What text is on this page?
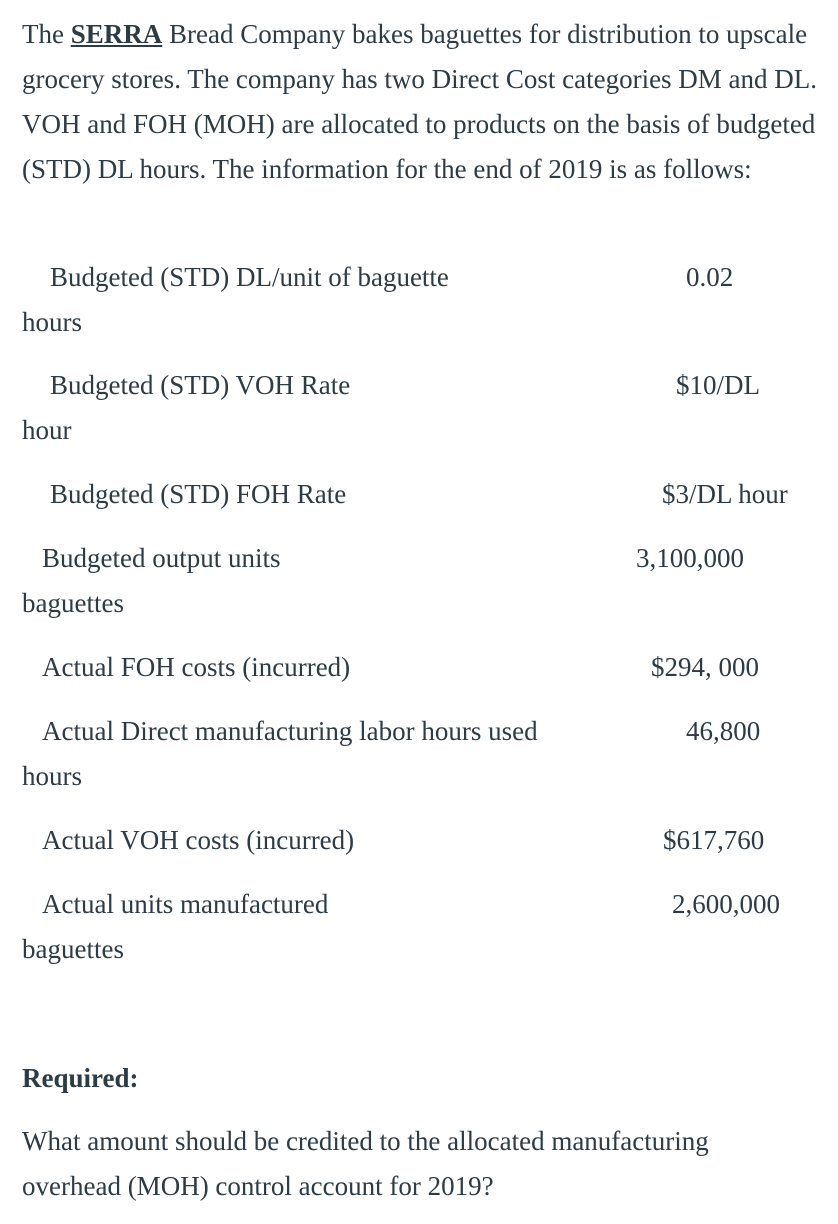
The SERRA Bread Company bakes baguettes for distribution to upscale grocery stores. The company has two Direct Cost categories DM and DL. VOH and FOH (MOH) are allocated to products on the basis of budgeted (STD) DL hours. The information for the end of 2019 is as follows:

Budgeted (STD) DL/unit of baguette	0.02
hours
Budgeted (STD) VOH Rate	$10/DL
hour
Budgeted (STD) FOH Rate	$3/DL hour
Budgeted output units	3,100,000
baguettes
Actual FOH costs (incurred)	$294, 000
Actual Direct manufacturing labor hours used	46,800
hours
Actual VOH costs (incurred)	$617,760
Actual units manufactured	2,600,000
baguettes

Required:

What amount should be credited to the allocated manufacturing overhead (MOH) control account for 2019?
